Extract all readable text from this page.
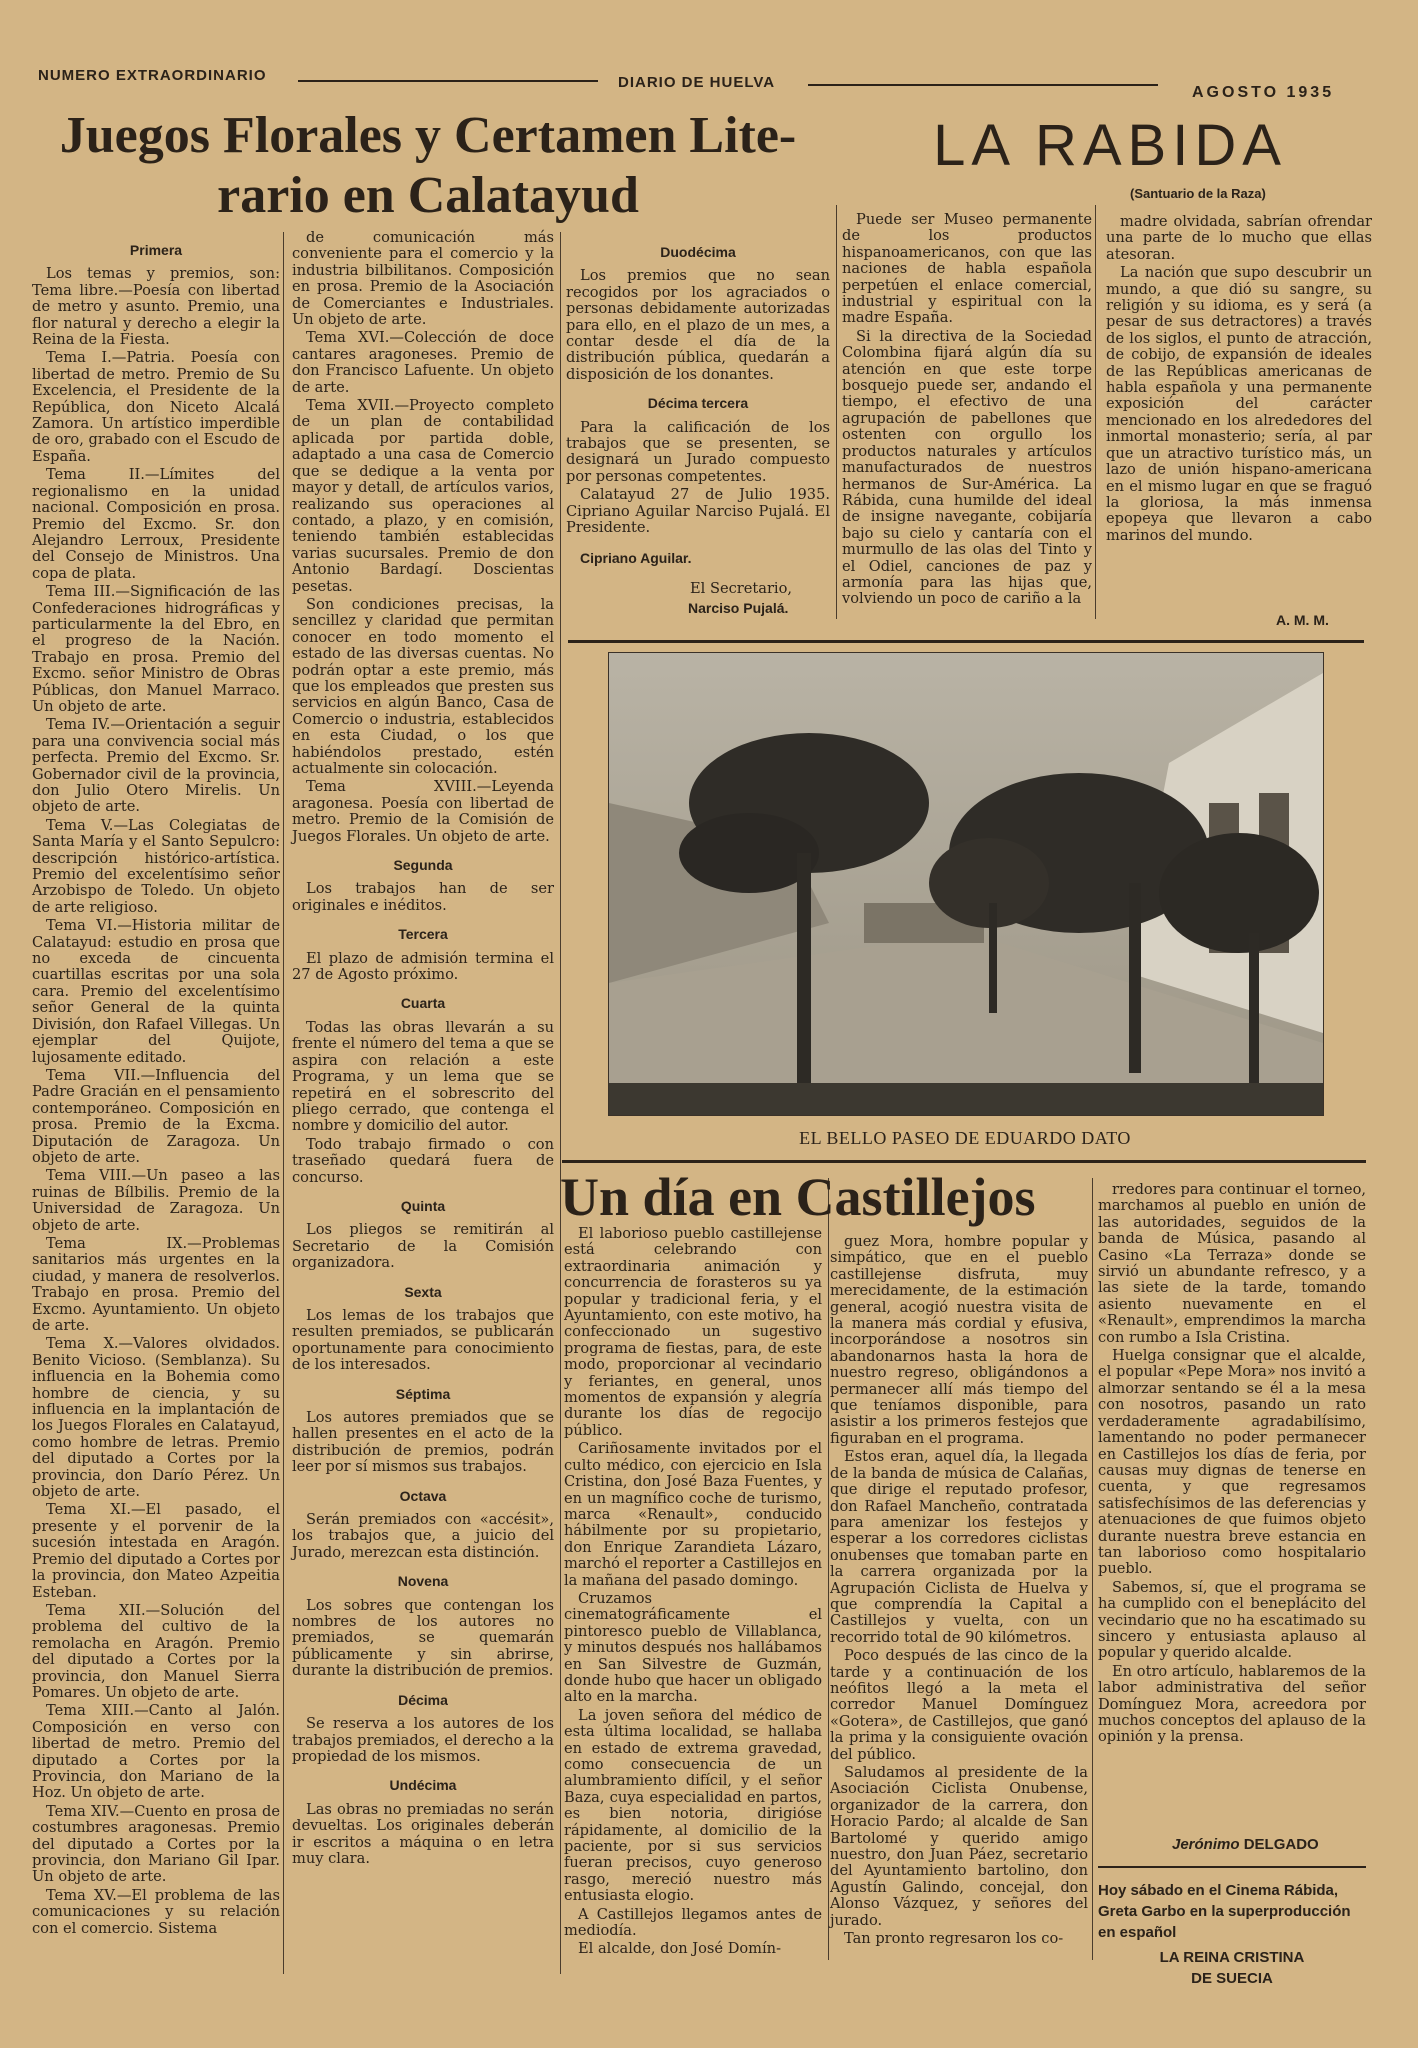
NUMERO EXTRAORDINARIO	DIARIO DE HUELVA
AGOSTO 1935
Juegos Florales y Certamen Lite-
rario en Calatayud
Primera

Los temas y premios, son: Tema libre.—Poesía con libertad de metro y asunto. Premio, una flor natural y derecho a elegir la Reina de la Fiesta.

Tema I.—Patria. Poesía con libertad de metro. Premio de Su Excelencia, el Presidente de la República, don Niceto Alcalá Zamora. Un artístico imperdible de oro, grabado con el Escudo de España.

Tema II.—Límites del regionalismo en la unidad nacional. Composición en prosa. Premio del Excmo. Sr. don Alejandro Lerroux, Presidente del Consejo de Ministros. Una copa de plata.

Tema III.—Significación de las Confederaciones hidrográficas y particularmente la del Ebro, en el progreso de la Nación. Trabajo en prosa. Premio del Excmo. señor Ministro de Obras Públicas, don Manuel Marraco. Un objeto de arte.

Tema IV.—Orientación a seguir para una convivencia social más perfecta. Premio del Excmo. Sr. Gobernador civil de la provincia, don Julio Otero Mirelis. Un objeto de arte.

Tema V.—Las Colegiatas de Santa María y el Santo Sepulcro: descripción histórico-artística. Premio del excelentísimo señor Arzobispo de Toledo. Un objeto de arte religioso.

Tema VI.—Historia militar de Calatayud: estudio en prosa que no exceda de cincuenta cuartillas escritas por una sola cara. Premio del excelentísimo señor General de la quinta División, don Rafael Villegas. Un ejemplar del Quijote, lujosamente editado.

Tema VII.—Influencia del Padre Gracián en el pensamiento contemporáneo. Composición en prosa. Premio de la Excma. Diputación de Zaragoza. Un objeto de arte.

Tema VIII.—Un paseo a las ruinas de Bílbilis. Premio de la Universidad de Zaragoza. Un objeto de arte.

Tema IX.—Problemas sanitarios más urgentes en la ciudad, y manera de resolverlos. Trabajo en prosa. Premio del Excmo. Ayuntamiento. Un objeto de arte.

Tema X.—Valores olvidados. Benito Vicioso. (Semblanza). Su influencia en la Bohemia como hombre de ciencia, y su influencia en la implantación de los Juegos Florales en Calatayud, como hombre de letras. Premio del diputado a Cortes por la provincia, don Darío Pérez. Un objeto de arte.

Tema XI.—El pasado, el presente y el porvenir de la sucesión intestada en Aragón. Premio del diputado a Cortes por la provincia, don Mateo Azpeitia Esteban.

Tema XII.—Solución del problema del cultivo de la remolacha en Aragón. Premio del diputado a Cortes por la provincia, don Manuel Sierra Pomares. Un objeto de arte.

Tema XIII.—Canto al Jalón. Composición en verso con libertad de metro. Premio del diputado a Cortes por la Provincia, don Mariano de la Hoz. Un objeto de arte.

Tema XIV.—Cuento en prosa de costumbres aragonesas. Premio del diputado a Cortes por la provincia, don Mariano Gil Ipar. Un objeto de arte.

Tema XV.—El problema de las comunicaciones y su relación con el comercio. Sistema

de comunicación más conveniente para el comercio y la industria bilbilitanos. Composición en prosa. Premio de la Asociación de Comerciantes e Industriales. Un objeto de arte.

Tema XVI.—Colección de doce cantares aragoneses. Premio de don Francisco Lafuente. Un objeto de arte.

Tema XVII.—Proyecto completo de un plan de contabilidad aplicada por partida doble, adaptado a una casa de Comercio que se dedique a la venta por mayor y detall, de artículos varios, realizando sus operaciones al contado, a plazo, y en comisión, teniendo también establecidas varias sucursales. Premio de don Antonio Bardagí. Doscientas pesetas.

Son condiciones precisas, la sencillez y claridad que permitan conocer en todo momento el estado de las diversas cuentas. No podrán optar a este premio, más que los empleados que presten sus servicios en algún Banco, Casa de Comercio o industria, establecidos en esta Ciudad, o los que habiéndolos prestado, estén actualmente sin colocación.

Tema XVIII.—Leyenda aragonesa. Poesía con libertad de metro. Premio de la Comisión de Juegos Florales. Un objeto de arte.

Segunda

Los trabajos han de ser originales e inéditos.

Tercera

El plazo de admisión termina el 27 de Agosto próximo.

Cuarta

Todas las obras llevarán a su frente el número del tema a que se aspira con relación a este Programa, y un lema que se repetirá en el sobrescrito del pliego cerrado, que contenga el nombre y domicilio del autor.

Todo trabajo firmado o con traseñado quedará fuera de concurso.

Quinta

Los pliegos se remitirán al Secretario de la Comisión organizadora.

Sexta

Los lemas de los trabajos que resulten premiados, se publicarán oportunamente para conocimiento de los interesados.

Séptima

Los autores premiados que se hallen presentes en el acto de la distribución de premios, podrán leer por sí mismos sus trabajos.

Octava

Serán premiados con «accésit», los trabajos que, a juicio del Jurado, merezcan esta distinción.

Novena

Los sobres que contengan los nombres de los autores no premiados, se quemarán públicamente y sin abrirse, durante la distribución de premios.

Décima

Se reserva a los autores de los trabajos premiados, el derecho a la propiedad de los mismos.

Undécima

Las obras no premiadas no serán devueltas. Los originales deberán ir escritos a máquina o en letra muy clara.

Duodécima

Los premios que no sean recogidos por los agraciados o personas debidamente autorizadas para ello, en el plazo de un mes, a contar desde el día de la distribución pública, quedarán a disposición de los donantes.

Décima tercera

Para la calificación de los trabajos que se presenten, se designará un Jurado compuesto por personas competentes.

Calatayud 27 de Julio 1935. Cipriano Aguilar Narciso Pujalá. El Presidente.

Cipriano Aguilar.
El Secretario,
Narciso Pujalá.
LA RABIDA
(Santuario de la Raza)

Puede ser Museo permanente de los productos hispanoamericanos, con que las naciones de habla española perpetúen el enlace comercial, industrial y espiritual con la madre España.

Si la directiva de la Sociedad Colombina fijará algún día su atención en que este torpe bosquejo puede ser, andando el tiempo, el efectivo de una agrupación de pabellones que ostenten con orgullo los productos naturales y artículos manufacturados de nuestros hermanos de Sur-América. La Rábida, cuna humilde del ideal de insigne navegante, cobijaría bajo su cielo y cantaría con el murmullo de las olas del Tinto y el Odiel, canciones de paz y armonía para las hijas que, volviendo un poco de cariño a la

madre olvidada, sabrían ofrendar una parte de lo mucho que ellas atesoran.

La nación que supo descubrir un mundo, a que dió su sangre, su religión y su idioma, es y será (a pesar de sus detractores) a través de los siglos, el punto de atracción, de cobijo, de expansión de ideales de las Repúblicas americanas de habla española y una permanente exposición del carácter mencionado en los alrededores del inmortal monasterio; sería, al par que un atractivo turístico más, un lazo de unión hispano-americana en el mismo lugar en que se fraguó la gloriosa, la más inmensa epopeya que llevaron a cabo marinos del mundo.

A. M. M.
EL BELLO PASEO DE EDUARDO DATO
Un día en Castillejos

El laborioso pueblo castillejense está celebrando con extraordinaria animación y concurrencia de forasteros su ya popular y tradicional feria, y el Ayuntamiento, con este motivo, ha confeccionado un sugestivo programa de fiestas, para, de este modo, proporcionar al vecindario y feriantes, en general, unos momentos de expansión y alegría durante los días de regocijo público.

Cariñosamente invitados por el culto médico, con ejercicio en Isla Cristina, don José Baza Fuentes, y en un magnífico coche de turismo, marca «Renault», conducido hábilmente por su propietario, don Enrique Zarandieta Lázaro, marchó el reporter a Castillejos en la mañana del pasado domingo.

Cruzamos cinematográficamente el pintoresco pueblo de Villablanca, y minutos después nos hallábamos en San Silvestre de Guzmán, donde hubo que hacer un obligado alto en la marcha.

La joven señora del médico de esta última localidad, se hallaba en estado de extrema gravedad, como consecuencia de un alumbramiento difícil, y el señor Baza, cuya especialidad en partos, es bien notoria, dirigióse rápidamente, al domicilio de la paciente, por si sus servicios fueran precisos, cuyo generoso rasgo, mereció nuestro más entusiasta elogio.

A Castillejos llegamos antes de mediodía.

El alcalde, don José Domín-

guez Mora, hombre popular y simpático, que en el pueblo castillejense disfruta, muy merecidamente, de la estimación general, acogió nuestra visita de la manera más cordial y efusiva, incorporándose a nosotros sin abandonarnos hasta la hora de nuestro regreso, obligándonos a permanecer allí más tiempo del que teníamos disponible, para asistir a los primeros festejos que figuraban en el programa.

Estos eran, aquel día, la llegada de la banda de música de Calañas, que dirige el reputado profesor, don Rafael Mancheño, contratada para amenizar los festejos y esperar a los corredores ciclistas onubenses que tomaban parte en la carrera organizada por la Agrupación Ciclista de Huelva y que comprendía la Capital a Castillejos y vuelta, con un recorrido total de 90 kilómetros.

Poco después de las cinco de la tarde y a continuación de los neófitos llegó a la meta el corredor Manuel Domínguez «Gotera», de Castillejos, que ganó la prima y la consiguiente ovación del público.

Saludamos al presidente de la Asociación Ciclista Onubense, organizador de la carrera, don Horacio Pardo; al alcalde de San Bartolomé y querido amigo nuestro, don Juan Páez, secretario del Ayuntamiento bartolino, don Agustín Galindo, concejal, don Alonso Vázquez, y señores del jurado.

Tan pronto regresaron los co-

rredores para continuar el torneo, marchamos al pueblo en unión de las autoridades, seguidos de la banda de Música, pasando al Casino «La Terraza» donde se sirvió un abundante refresco, y a las siete de la tarde, tomando asiento nuevamente en el «Renault», emprendimos la marcha con rumbo a Isla Cristina.

Huelga consignar que el alcalde, el popular «Pepe Mora» nos invitó a almorzar sentando se él a la mesa con nosotros, pasando un rato verdaderamente agradabilísimo, lamentando no poder permanecer en Castillejos los días de feria, por causas muy dignas de tenerse en cuenta, y que regresamos satisfechísimos de las deferencias y atenuaciones de que fuimos objeto durante nuestra breve estancia en tan laborioso como hospitalario pueblo.

Sabemos, sí, que el programa se ha cumplido con el beneplácito del vecindario que no ha escatimado su sincero y entusiasta aplauso al popular y querido alcalde.

En otro artículo, hablaremos de la labor administrativa del señor Domínguez Mora, acreedora por muchos conceptos del aplauso de la opinión y la prensa.

Jerónimo DELGADO
Hoy sábado en el Cinema Rábida, Greta Garbo en la superproducción en español
LA REINA CRISTINA
DE SUECIA
